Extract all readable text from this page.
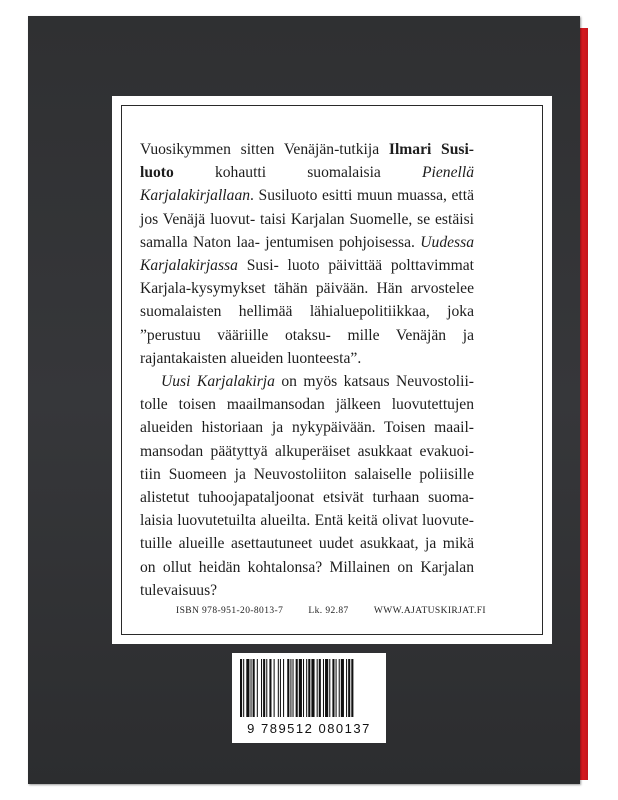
Vuosikymmen sitten Venäjän-tutkija Ilmari Susi- luoto kohautti suomalaisia Pienellä Karjalakirjallaan. Susiluoto esitti muun muassa, että jos Venäjä luovut- taisi Karjalan Suomelle, se estäisi samalla Naton laa- jentumisen pohjoisessa. Uudessa Karjalakirjassa Susi- luoto päivittää polttavimmat Karjala-kysymykset tähän päivään. Hän arvostelee suomalaisten hellimää lähialuepolitiikkaa, joka ”perustuu vääriille otaksu- mille Venäjän ja rajantakaisten alueiden luonteesta”.

Uusi Karjalakirja on myös katsaus Neuvostolii- tolle toisen maailmansodan jälkeen luovutettujen alueiden historiaan ja nykypäivään. Toisen maail- mansodan päätyttyä alkuperäiset asukkaat evakuoi- tiin Suomeen ja Neuvostoliiton salaiselle poliisille alistetut tuhoojapataljoonat etsivät turhaan suoma- laisia luovutetuilta alueilta. Entä keitä olivat luovute- tuille alueille asettautuneet uudet asukkaat, ja mikä on ollut heidän kohtalonsa? Millainen on Karjalan tulevaisuus?

ISBN 978-951-20-8013-7	Lk. 92.87	WWW.AJATUSKIRJAT.FI
9 789512 080137
